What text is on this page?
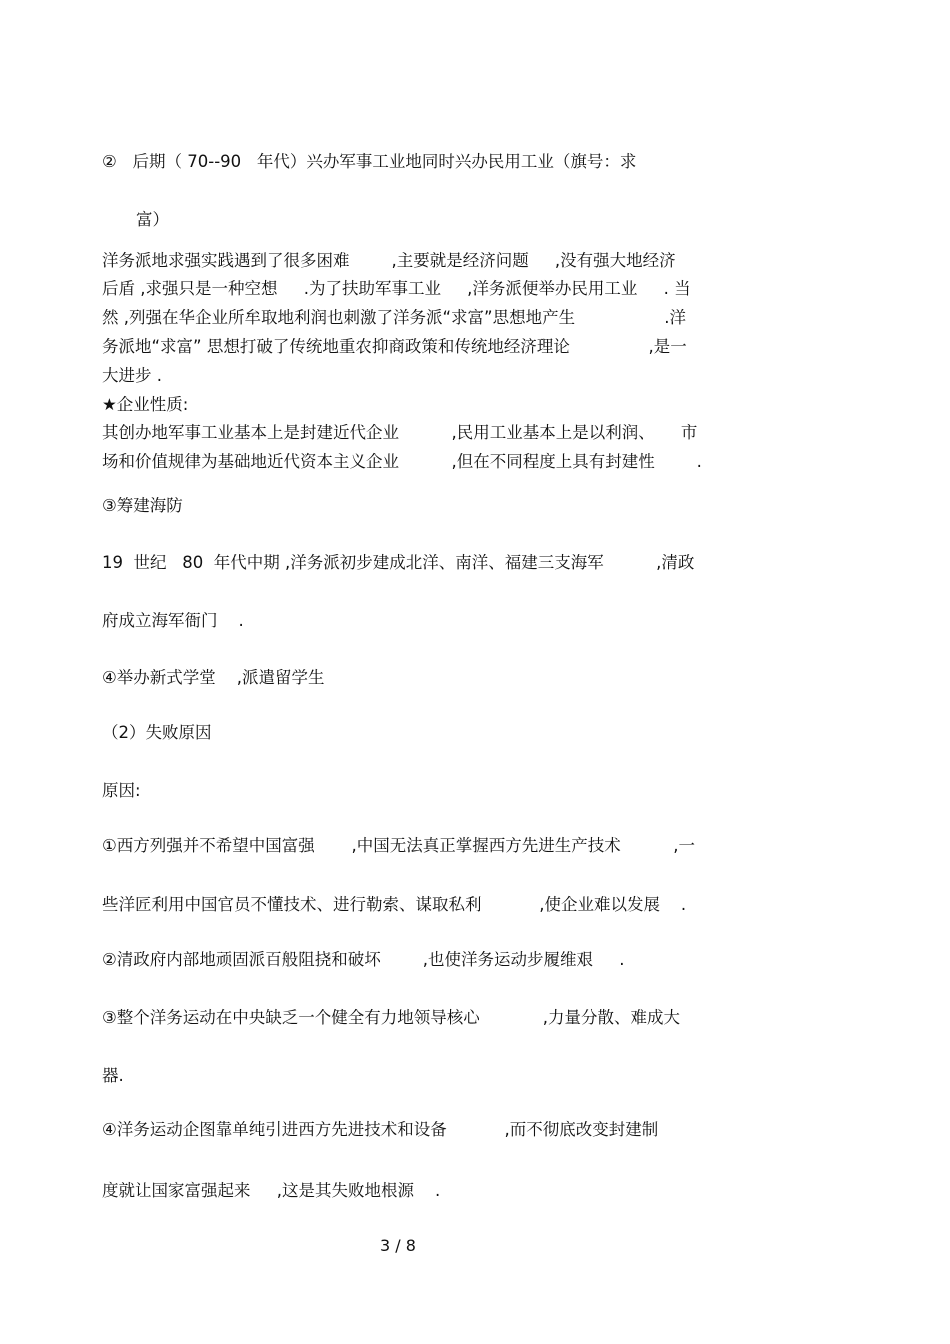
②   后期（ 70--90   年代）兴办军事工业地同时兴办民用工业（旗号：求

富）

洋务派地求强实践遇到了很多困难        ,主要就是经济问题     ,没有强大地经济

后盾 ,求强只是一种空想     .为了扶助军事工业     ,洋务派便举办民用工业     . 当

然 ,列强在华企业所牟取地利润也刺激了洋务派“求富”思想地产生                 .洋

务派地“求富” 思想打破了传统地重农抑商政策和传统地经济理论               ,是一

大进步 .

★企业性质:

其创办地军事工业基本上是封建近代企业          ,民用工业基本上是以利润、     市

场和价值规律为基础地近代资本主义企业          ,但在不同程度上具有封建性        .

③筹建海防

19  世纪   80  年代中期 ,洋务派初步建成北洋、南洋、福建三支海军          ,清政

府成立海军衙门    .

④举办新式学堂    ,派遣留学生

（2）失败原因

原因:

①西方列强并不希望中国富强       ,中国无法真正掌握西方先进生产技术          ,一

些洋匠利用中国官员不懂技术、进行勒索、谋取私利           ,使企业难以发展    .

②清政府内部地顽固派百般阻挠和破坏        ,也使洋务运动步履维艰     .

③整个洋务运动在中央缺乏一个健全有力地领导核心            ,力量分散、难成大

器.

④洋务运动企图靠单纯引进西方先进技术和设备           ,而不彻底改变封建制

度就让国家富强起来     ,这是其失败地根源    .

3 / 8
